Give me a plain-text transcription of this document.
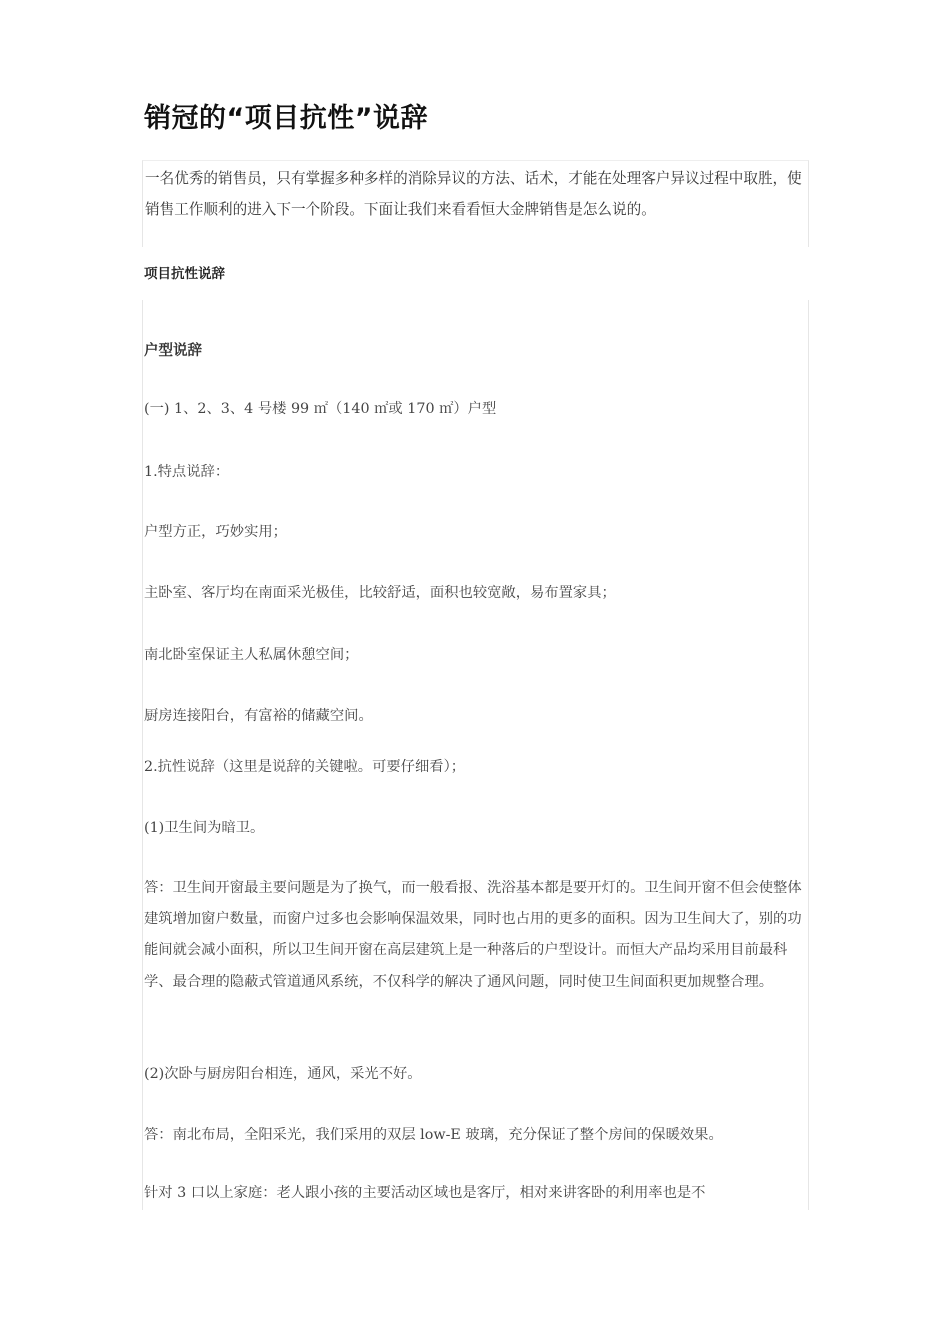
销冠的“项目抗性”说辞

一名优秀的销售员，只有掌握多种多样的消除异议的方法、话术，才能在处理客户异议过程中取胜，使销售工作顺利的进入下一个阶段。下面让我们来看看恒大金牌销售是怎么说的。

项目抗性说辞
户型说辞

(一) 1、2、3、4 号楼 99 ㎡（140 ㎡或 170 ㎡）户型

1.特点说辞：

户型方正，巧妙实用；

主卧室、客厅均在南面采光极佳，比较舒适，面积也较宽敞，易布置家具；

南北卧室保证主人私属休憩空间；

厨房连接阳台，有富裕的储藏空间。

2.抗性说辞（这里是说辞的关键啦。可要仔细看）；

(1)卫生间为暗卫。

答：卫生间开窗最主要问题是为了换气，而一般看报、洗浴基本都是要开灯的。卫生间开窗不但会使整体建筑增加窗户数量，而窗户过多也会影响保温效果，同时也占用的更多的面积。因为卫生间大了，别的功能间就会减小面积，所以卫生间开窗在高层建筑上是一种落后的户型设计。而恒大产品均采用目前最科学、最合理的隐蔽式管道通风系统，不仅科学的解决了通风问题，同时使卫生间面积更加规整合理。

(2)次卧与厨房阳台相连，通风，采光不好。

答：南北布局，全阳采光，我们采用的双层 low-E 玻璃，充分保证了整个房间的保暖效果。

针对 3 口以上家庭：老人跟小孩的主要活动区域也是客厅，相对来讲客卧的利用率也是不
